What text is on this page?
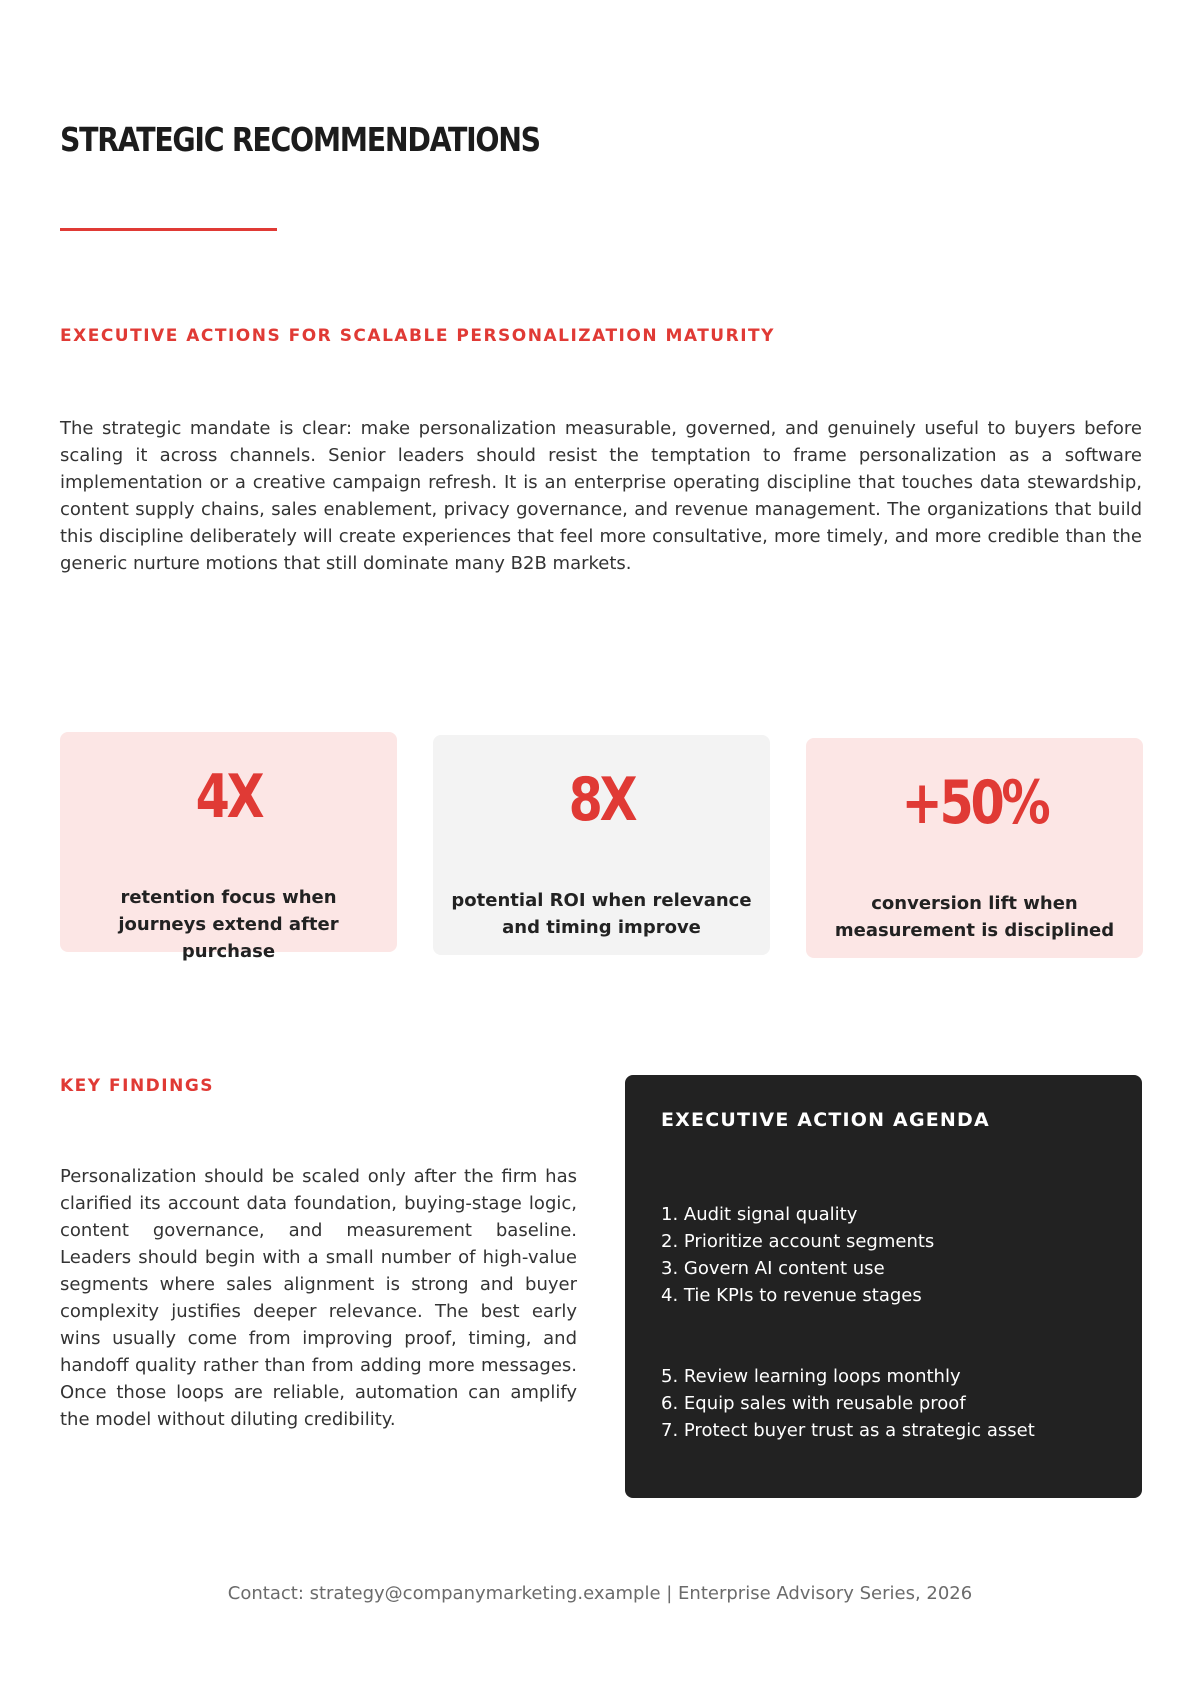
STRATEGIC RECOMMENDATIONS
EXECUTIVE ACTIONS FOR SCALABLE PERSONALIZATION MATURITY

The strategic mandate is clear: make personalization measurable, governed, and genuinely useful to buyers before scaling it across channels. Senior leaders should resist the temptation to frame personalization as a software implementation or a creative campaign refresh. It is an enterprise operating discipline that touches data stewardship, content supply chains, sales enablement, privacy governance, and revenue management. The organizations that build this discipline deliberately will create experiences that feel more consultative, more timely, and more credible than the generic nurture motions that still dominate many B2B markets.

4X
retention focus when journeys extend after purchase
8X
potential ROI when relevance and timing improve
+50%
conversion lift when measurement is disciplined
KEY FINDINGS

Personalization should be scaled only after the firm has clarified its account data foundation, buying-stage logic, content governance, and measurement baseline. Leaders should begin with a small number of high-value segments where sales alignment is strong and buyer complexity justifies deeper relevance. The best early wins usually come from improving proof, timing, and handoff quality rather than from adding more messages. Once those loops are reliable, automation can amplify the model without diluting credibility.

EXECUTIVE ACTION AGENDA
1. Audit signal quality
2. Prioritize account segments
3. Govern AI content use
4. Tie KPIs to revenue stages
5. Review learning loops monthly
6. Equip sales with reusable proof
7. Protect buyer trust as a strategic asset

Contact: strategy@companymarketing.example | Enterprise Advisory Series, 2026
